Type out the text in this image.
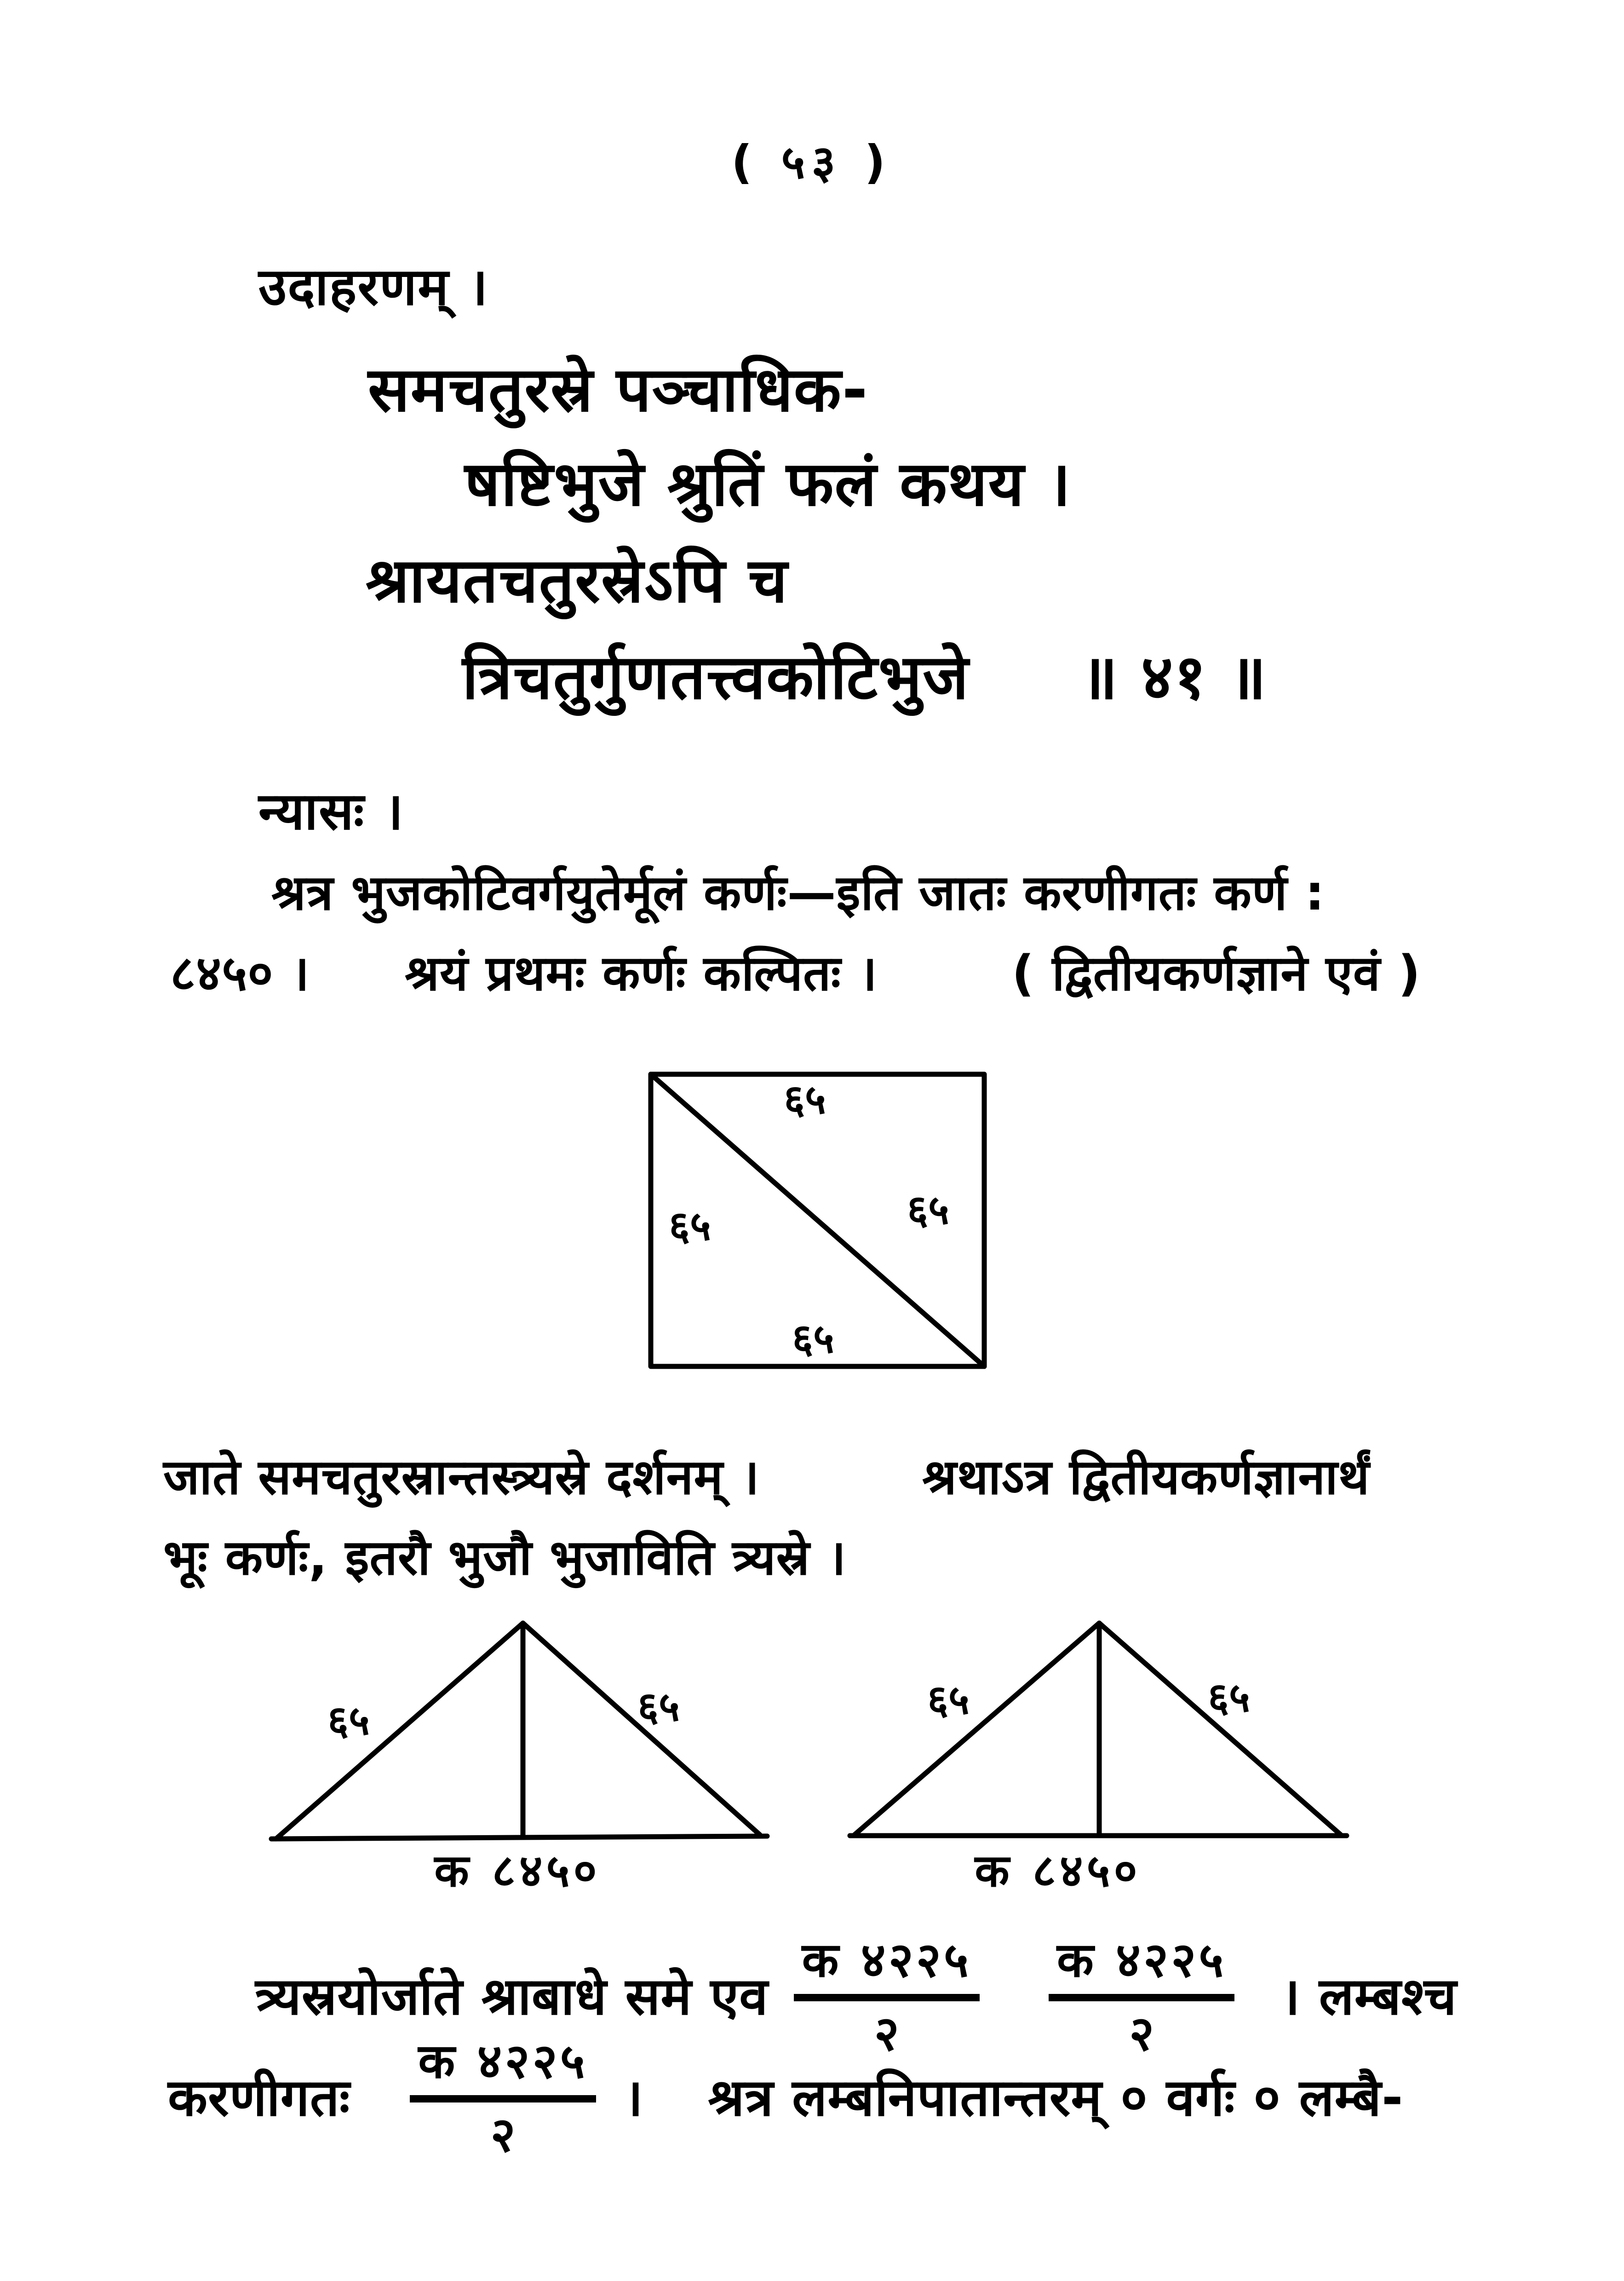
( ५३ )
उदाहरणम् ।
समचतुरस्रे पञ्चाधिक-
षष्टिभुजे श्रुतिं फलं कथय ।
श्रायतचतुरस्रेऽपि च
त्रिचतुर्गुणतत्त्वकोटिभुजे ॥ ४१ ॥
न्यासः ।
श्रत्र भुजकोटिवर्गयुतेर्मूलं कर्णः—इति जातः करणीगतः कर्ण :
८४५० । श्रयं प्रथमः कर्णः कल्पितः ।	( द्वितीयकर्णज्ञाने एवं )
६५
६५	६५
६५
जाते समचतुरस्रान्तस्त्र्यस्रे दर्शनम् ।	श्रथाऽत्र द्वितीयकर्णज्ञानार्थं
भूः कर्णः, इतरौ भुजौ भुजाविति त्र्यस्रे ।
६५	६५
क ८४५०
६५	६५
क ८४५०
त्र्यस्रयोर्जाते श्राबाधे समे एव $\frac{\text{क ४२२५}}{२} \frac{\text{क ४२२५}}{२}$ । लम्बश्च
करणीगतः $\frac{\text{क ४२२५}}{२}$ । श्रत्र लम्बनिपातान्तरम् ० वर्गः ० लम्बै-
